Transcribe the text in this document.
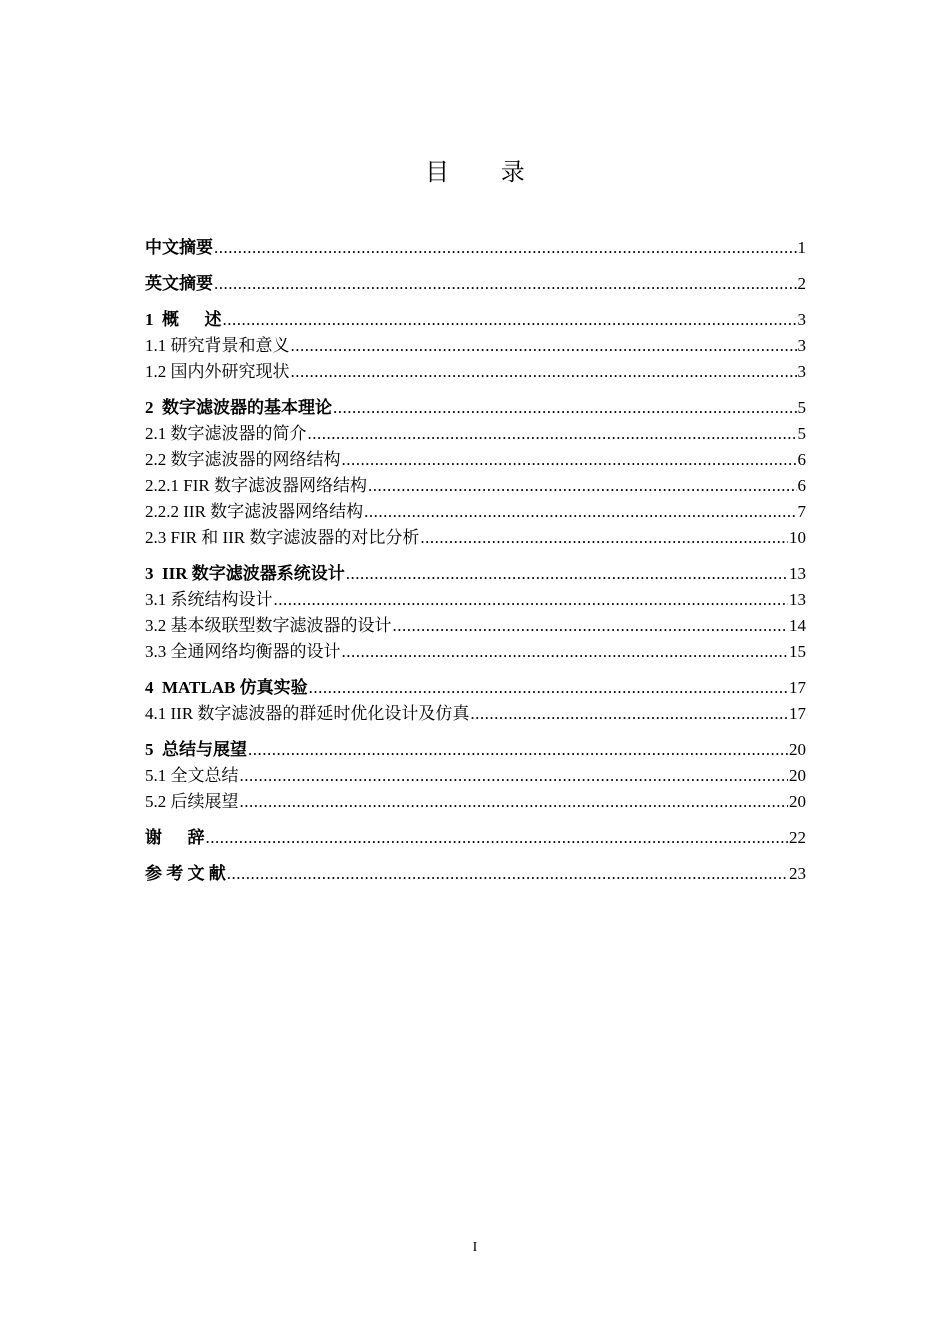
目 录
中文摘要 .....	1
英文摘要 .....	2
1  概      述 .....	3
1.1 研究背景和意义 .....	3
1.2 国内外研究现状 .....	3
2  数字滤波器的基本理论 .....	5
2.1 数字滤波器的简介 .....	5
2.2 数字滤波器的网络结构 .....	6
2.2.1 FIR 数字滤波器网络结构 .....	6
2.2.2 IIR 数字滤波器网络结构 .....	7
2.3 FIR 和 IIR 数字滤波器的对比分析 .....	10
3  IIR 数字滤波器系统设计 .....	13
3.1 系统结构设计 .....	13
3.2 基本级联型数字滤波器的设计 .....	14
3.3 全通网络均衡器的设计 .....	15
4  MATLAB 仿真实验 .....	17
4.1 IIR 数字滤波器的群延时优化设计及仿真 .....	17
5  总结与展望 .....	20
5.1 全文总结 .....	20
5.2 后续展望 .....	20
谢      辞 .....	22
参 考 文 献 .....	23
I
